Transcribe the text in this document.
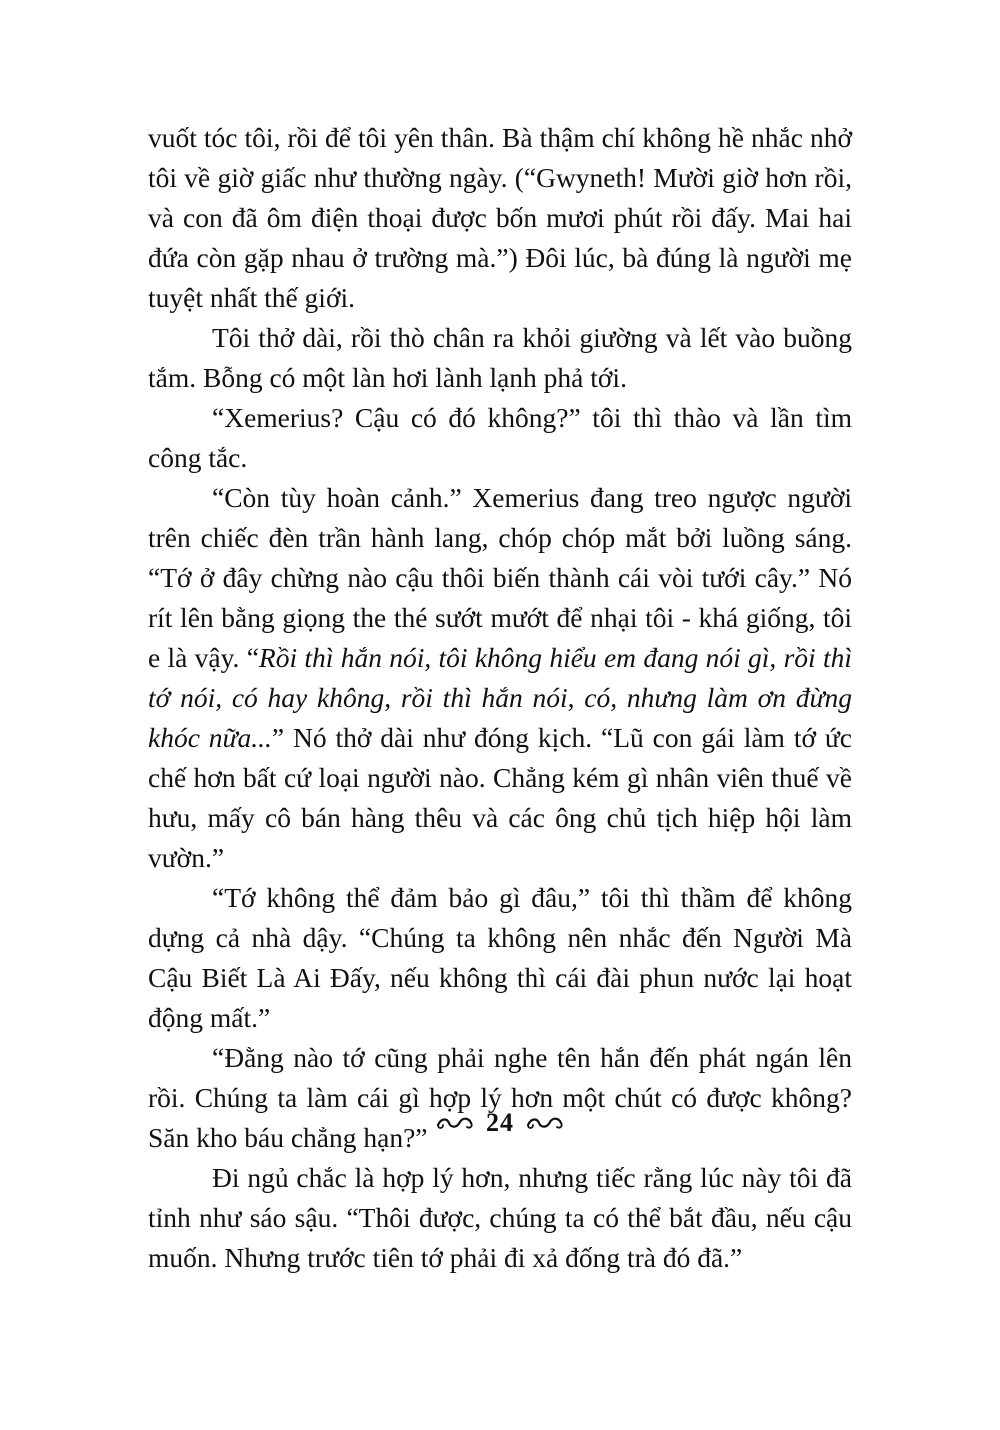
vuốt tóc tôi, rồi để tôi yên thân. Bà thậm chí không hề nhắc nhở tôi về giờ giấc như thường ngày. (“Gwyneth! Mười giờ hơn rồi, và con đã ôm điện thoại được bốn mươi phút rồi đấy. Mai hai đứa còn gặp nhau ở trường mà.”) Đôi lúc, bà đúng là người mẹ tuyệt nhất thế giới.

Tôi thở dài, rồi thò chân ra khỏi giường và lết vào buồng tắm. Bỗng có một làn hơi lành lạnh phả tới.

“Xemerius? Cậu có đó không?” tôi thì thào và lần tìm công tắc.

“Còn tùy hoàn cảnh.” Xemerius đang treo ngược người trên chiếc đèn trần hành lang, chóp chóp mắt bởi luồng sáng. “Tớ ở đây chừng nào cậu thôi biến thành cái vòi tưới cây.” Nó rít lên bằng giọng the thé sướt mướt để nhại tôi - khá giống, tôi e là vậy. “Rồi thì hắn nói, tôi không hiểu em đang nói gì, rồi thì tớ nói, có hay không, rồi thì hắn nói, có, nhưng làm ơn đừng khóc nữa...” Nó thở dài như đóng kịch. “Lũ con gái làm tớ ức chế hơn bất cứ loại người nào. Chẳng kém gì nhân viên thuế về hưu, mấy cô bán hàng thêu và các ông chủ tịch hiệp hội làm vườn.”

“Tớ không thể đảm bảo gì đâu,” tôi thì thầm để không dựng cả nhà dậy. “Chúng ta không nên nhắc đến Người Mà Cậu Biết Là Ai Đấy, nếu không thì cái đài phun nước lại hoạt động mất.”

“Đằng nào tớ cũng phải nghe tên hắn đến phát ngán lên rồi. Chúng ta làm cái gì hợp lý hơn một chút có được không? Săn kho báu chẳng hạn?”

Đi ngủ chắc là hợp lý hơn, nhưng tiếc rằng lúc này tôi đã tỉnh như sáo sậu. “Thôi được, chúng ta có thể bắt đầu, nếu cậu muốn. Nhưng trước tiên tớ phải đi xả đống trà đó đã.”

24
